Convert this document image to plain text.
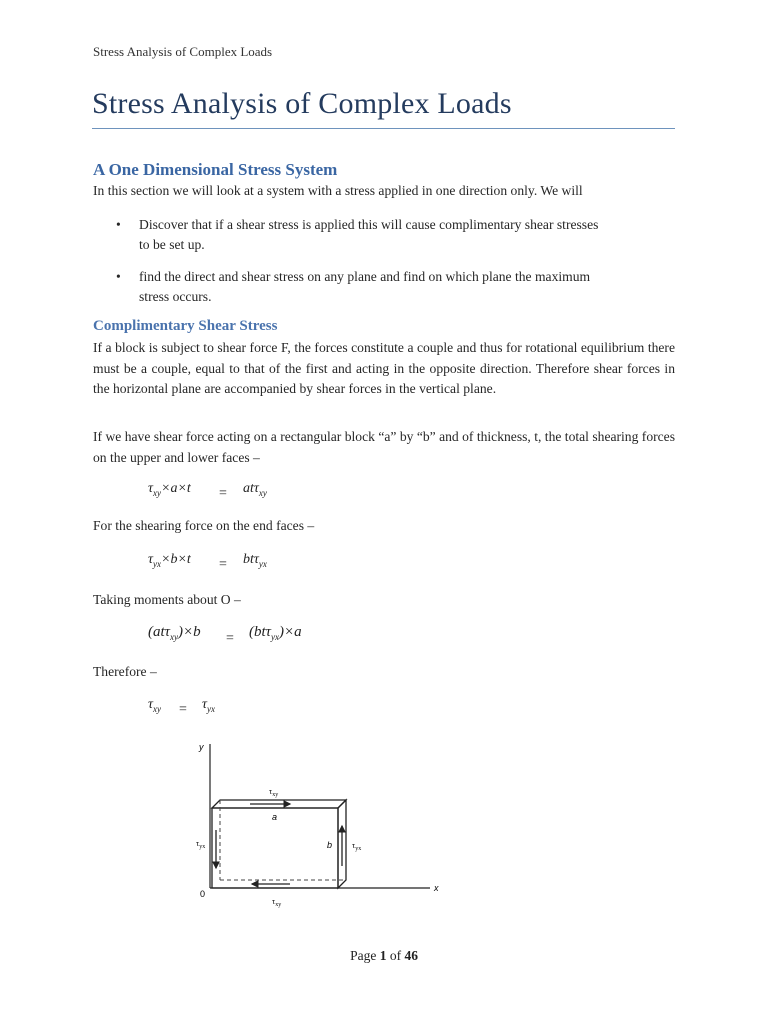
Stress Analysis of Complex Loads
Stress Analysis of Complex Loads
A One Dimensional Stress System
In this section we will look at a system with a stress applied in one direction only. We will
• Discover that if a shear stress is applied this will cause complimentary shear stresses
to be set up.
• find the direct and shear stress on any plane and find on which plane the maximum
stress occurs.
Complimentary Shear Stress
If a block is subject to shear force F, the forces constitute a couple and thus for rotational equilibrium there must be a couple, equal to that of the first and acting in the opposite direction. Therefore shear forces in the horizontal plane are accompanied by shear forces in the vertical plane.
If we have shear force acting on a rectangular block “a” by “b” and of thickness, t, the total shearing forces on the upper and lower faces –
$\tau_{xy}\times a\times t = at\tau_{xy}$
For the shearing force on the end faces –
$\tau_{yx}\times b\times t = bt\tau_{yx}$
Taking moments about O –
(atτ$_{xy}$)×b = (btτ$_{yx}$)×a
Therefore –
$\tau_{xy} = \tau_{yx}$
y
x
0
$\tau_{xy}$
a
$\tau_{xy}$
$\tau_{yx}$	b $\tau_{yx}$
Page 1 of 46
